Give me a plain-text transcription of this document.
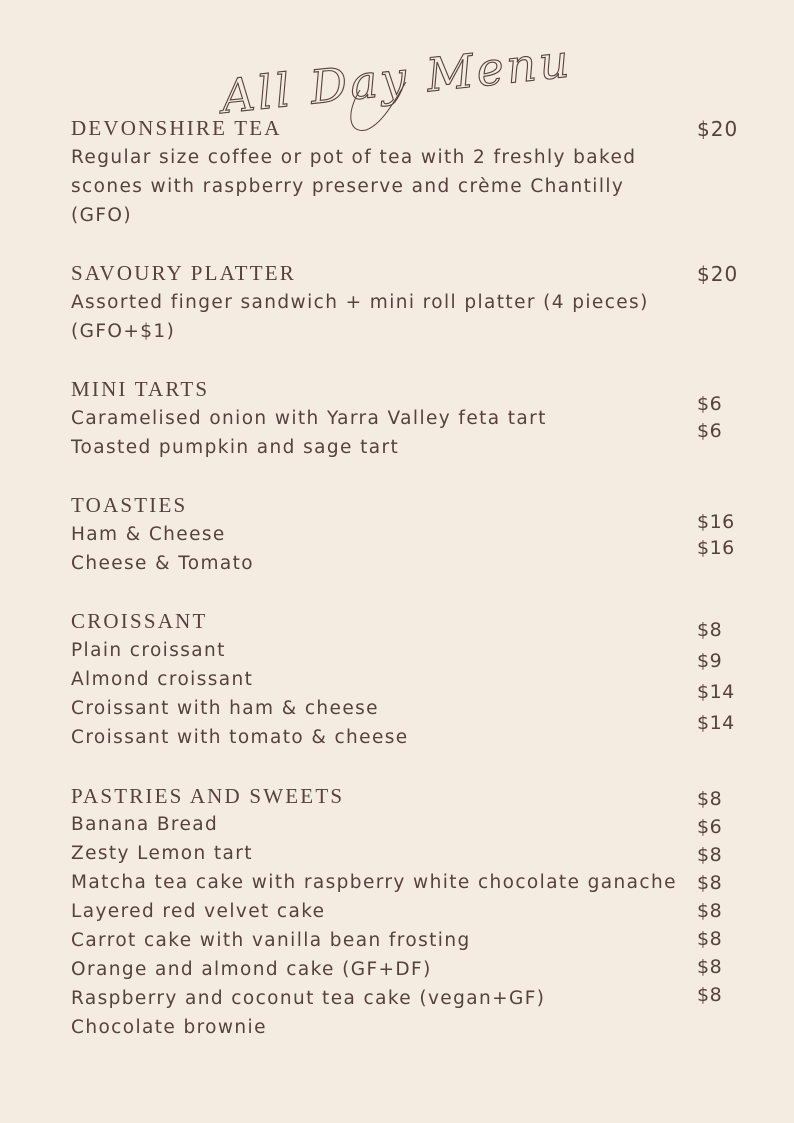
All Day Menu
DEVONSHIRE TEA	$20
Regular size coffee or pot of tea with 2 freshly baked
scones with raspberry preserve and crème Chantilly
(GFO)
SAVOURY PLATTER	$20
Assorted finger sandwich + mini roll platter (4 pieces)
(GFO+$1)
MINI TARTS
Caramelised onion with Yarra Valley feta tart
Toasted pumpkin and sage tart
$6
$6
TOASTIES
Ham & Cheese
Cheese & Tomato
$16
$16
CROISSANT
Plain croissant
Almond croissant
Croissant with ham & cheese
Croissant with tomato & cheese
$8
$9
$14
$14
PASTRIES AND SWEETS
Banana Bread
Zesty Lemon tart
Matcha tea cake with raspberry white chocolate ganache
Layered red velvet cake
Carrot cake with vanilla bean frosting
Orange and almond cake (GF+DF)
Raspberry and coconut tea cake (vegan+GF)
Chocolate brownie
$8
$6
$8
$8
$8
$8
$8
$8
